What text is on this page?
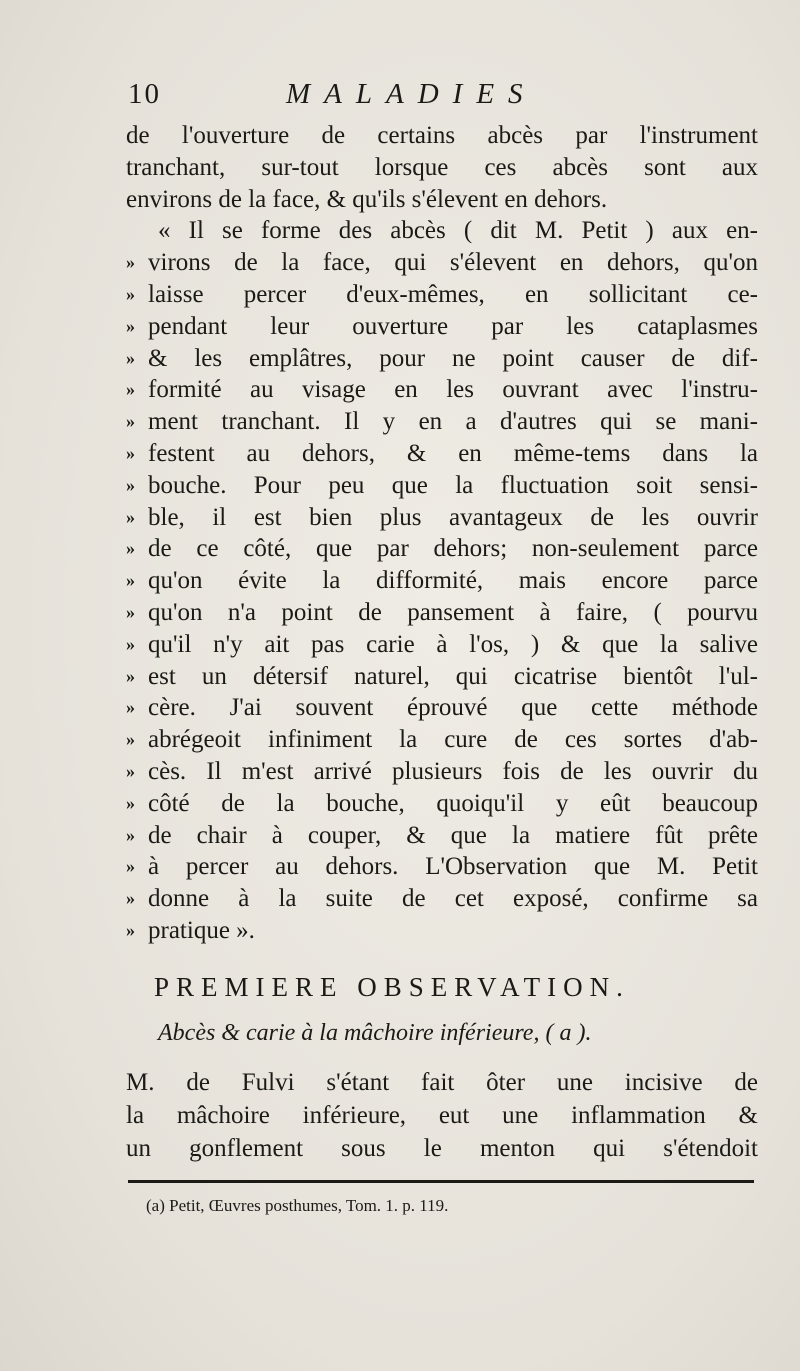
10	MALADIES
de l'ouverture de certains abcès par l'instrument
tranchant, sur-tout lorsque ces abcès sont aux
environs de la face, & qu'ils s'élevent en dehors.
« Il se forme des abcès ( dit M. Petit ) aux en-
» virons de la face, qui s'élevent en dehors, qu'on
» laisse percer d'eux-mêmes, en sollicitant ce-
» pendant leur ouverture par les cataplasmes
» & les emplâtres, pour ne point causer de dif-
» formité au visage en les ouvrant avec l'instru-
» ment tranchant. Il y en a d'autres qui se mani-
» festent au dehors, & en même-tems dans la
» bouche. Pour peu que la fluctuation soit sensi-
» ble, il est bien plus avantageux de les ouvrir
» de ce côté, que par dehors; non-seulement parce
» qu'on évite la difformité, mais encore parce
» qu'on n'a point de pansement à faire, ( pourvu
» qu'il n'y ait pas carie à l'os, ) & que la salive
» est un détersif naturel, qui cicatrise bientôt l'ul-
» cère. J'ai souvent éprouvé que cette méthode
» abrégeoit infiniment la cure de ces sortes d'ab-
» cès. Il m'est arrivé plusieurs fois de les ouvrir du
» côté de la bouche, quoiqu'il y eût beaucoup
» de chair à couper, & que la matiere fût prête
» à percer au dehors. L'Observation que M. Petit
» donne à la suite de cet exposé, confirme sa
» pratique ».
PREMIERE OBSERVATION.
Abcès & carie à la mâchoire inférieure, ( a ).
M. de Fulvi s'étant fait ôter une incisive de
la mâchoire inférieure, eut une inflammation &
un gonflement sous le menton qui s'étendoit
(a) Petit, Œuvres posthumes, Tom. 1. p. 119.
